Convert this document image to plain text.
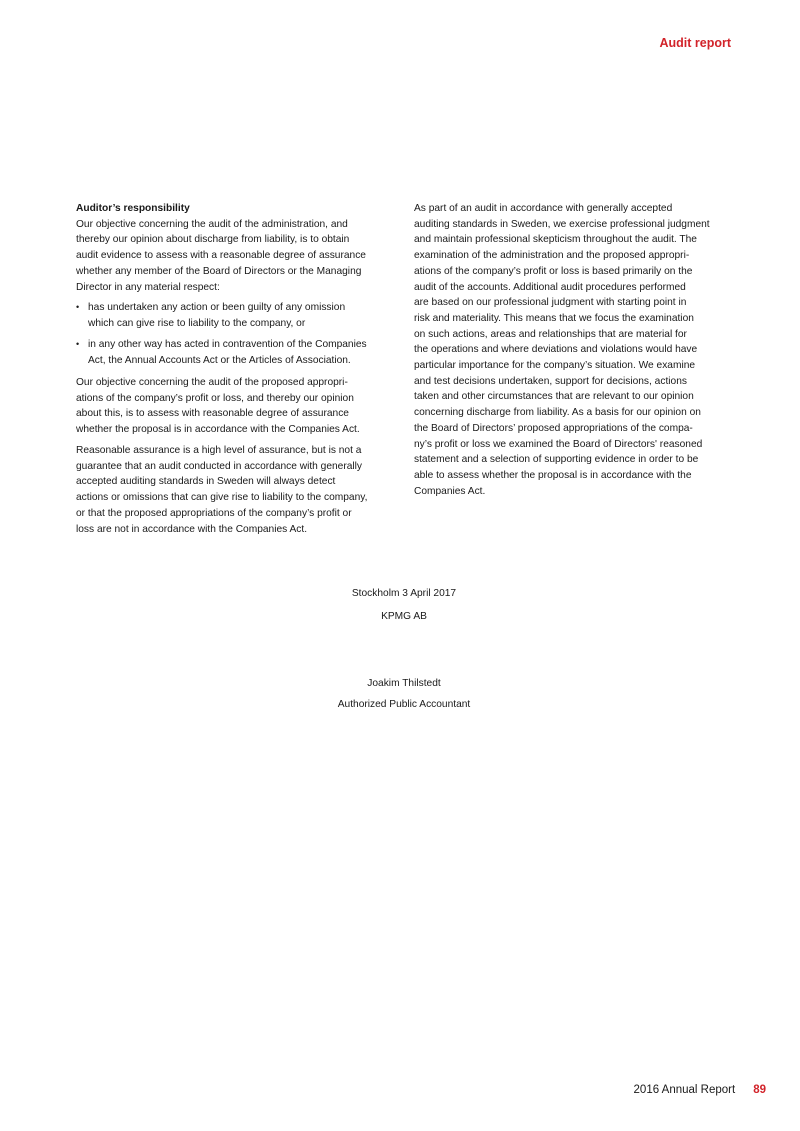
Audit report
Auditor’s responsibility
Our objective concerning the audit of the administration, and
thereby our opinion about discharge from liability, is to obtain
audit evidence to assess with a reasonable degree of assurance
whether any member of the Board of Directors or the Managing
Director in any material respect:
• has undertaken any action or been guilty of any omission
which can give rise to liability to the company, or
• in any other way has acted in contravention of the Companies
Act, the Annual Accounts Act or the Articles of Association.
Our objective concerning the audit of the proposed appropri-
ations of the company’s profit or loss, and thereby our opinion
about this, is to assess with reasonable degree of assurance
whether the proposal is in accordance with the Companies Act.
Reasonable assurance is a high level of assurance, but is not a
guarantee that an audit conducted in accordance with generally
accepted auditing standards in Sweden will always detect
actions or omissions that can give rise to liability to the company,
or that the proposed appropriations of the company’s profit or
loss are not in accordance with the Companies Act.
As part of an audit in accordance with generally accepted
auditing standards in Sweden, we exercise professional judgment
and maintain professional skepticism throughout the audit. The
examination of the administration and the proposed appropri-
ations of the company’s profit or loss is based primarily on the
audit of the accounts. Additional audit procedures performed
are based on our professional judgment with starting point in
risk and materiality. This means that we focus the examination
on such actions, areas and relationships that are material for
the operations and where deviations and violations would have
particular importance for the company’s situation. We examine
and test decisions undertaken, support for decisions, actions
taken and other circumstances that are relevant to our opinion
concerning discharge from liability. As a basis for our opinion on
the Board of Directors’ proposed appropriations of the compa-
ny’s profit or loss we examined the Board of Directors' reasoned
statement and a selection of supporting evidence in order to be
able to assess whether the proposal is in accordance with the
Companies Act.
Stockholm 3 April 2017
KPMG AB
Joakim Thilstedt
Authorized Public Accountant
2016 Annual Report 89
